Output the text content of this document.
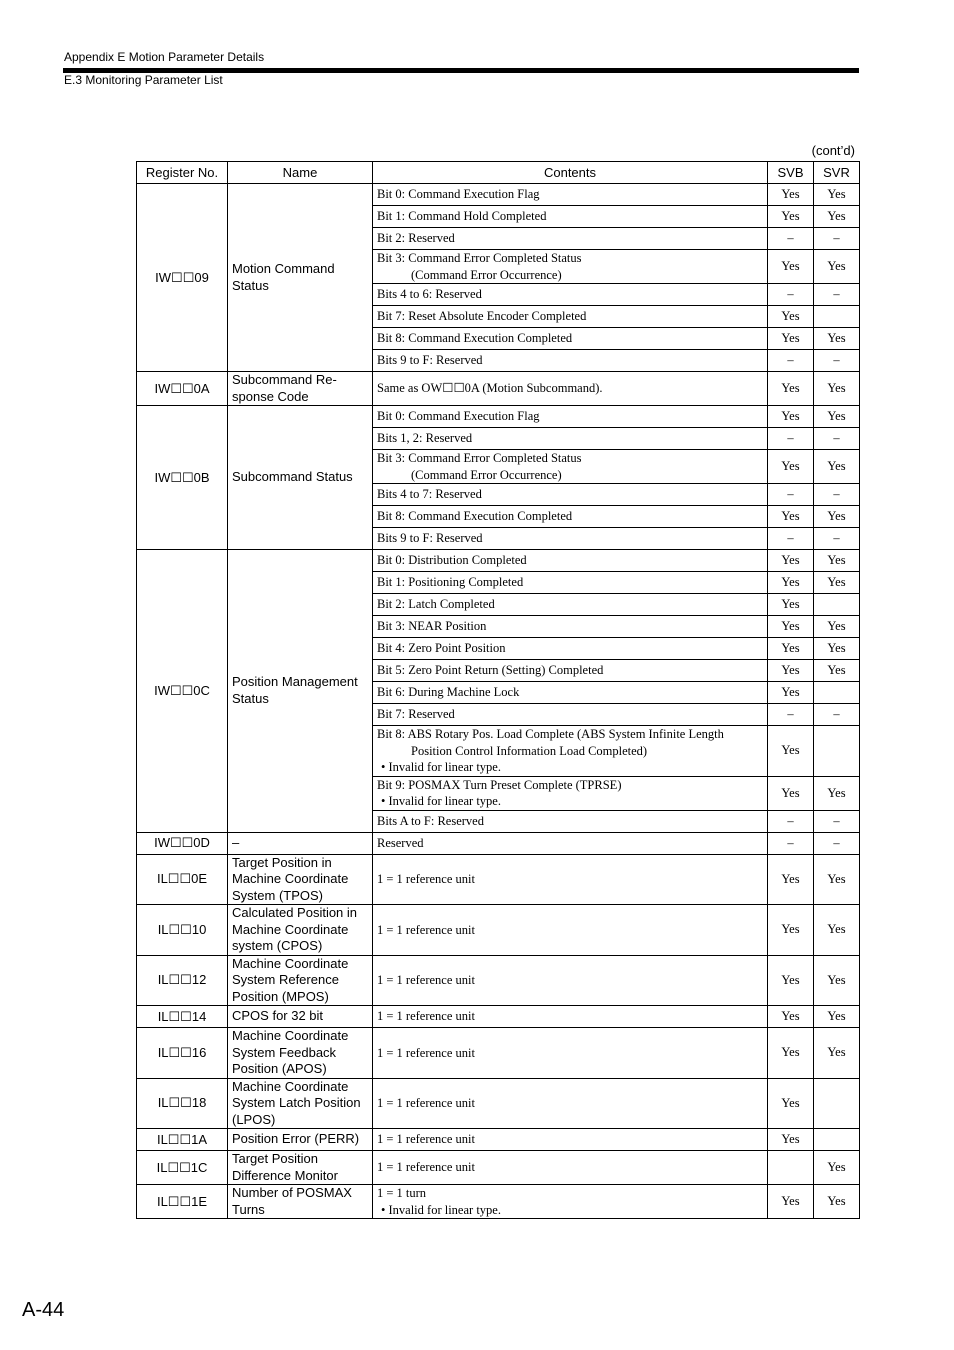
Appendix E Motion Parameter Details
E.3 Monitoring Parameter List
(cont’d)
Register No.	Name	Contents	SVB	SVR
IW☐☐09	Motion Command Status	Bit 0: Command Execution Flag	Yes	Yes
		Bit 1: Command Hold Completed	Yes	Yes
		Bit 2: Reserved	–	–
		Bit 3: Command Error Completed Status
(Command Error Occurrence)	Yes	Yes
		Bits 4 to 6: Reserved	–	–
		Bit 7: Reset Absolute Encoder Completed	Yes	
		Bit 8: Command Execution Completed	Yes	Yes
		Bits 9 to F: Reserved	–	–
IW☐☐0A	Subcommand Re-sponse Code	Same as OW☐☐0A (Motion Subcommand).	Yes	Yes
IW☐☐0B	Subcommand Status	Bit 0: Command Execution Flag	Yes	Yes
		Bits 1, 2: Reserved	–	–
		Bit 3: Command Error Completed Status
(Command Error Occurrence)	Yes	Yes
		Bits 4 to 7: Reserved	–	–
		Bit 8: Command Execution Completed	Yes	Yes
		Bits 9 to F: Reserved	–	–
IW☐☐0C	Position Management Status	Bit 0: Distribution Completed	Yes	Yes
		Bit 1: Positioning Completed	Yes	Yes
		Bit 2: Latch Completed	Yes	
		Bit 3: NEAR Position	Yes	Yes
		Bit 4: Zero Point Position	Yes	Yes
		Bit 5: Zero Point Return (Setting) Completed	Yes	Yes
		Bit 6: During Machine Lock	Yes	
		Bit 7: Reserved	–	–
		Bit 8: ABS Rotary Pos. Load Complete (ABS System Infinite Length
Position Control Information Load Completed)
• Invalid for linear type.	Yes	
		Bit 9: POSMAX Turn Preset Complete (TPRSE)
• Invalid for linear type.	Yes	Yes
		Bits A to F: Reserved	–	–
IW☐☐0D	–	Reserved	–	–
IL☐☐0E	Target Position in Machine Coordinate System (TPOS)	1 = 1 reference unit	Yes	Yes
IL☐☐10	Calculated Position in Machine Coordinate system (CPOS)	1 = 1 reference unit	Yes	Yes
IL☐☐12	Machine Coordinate System Reference Position (MPOS)	1 = 1 reference unit	Yes	Yes
IL☐☐14	CPOS for 32 bit	1 = 1 reference unit	Yes	Yes
IL☐☐16	Machine Coordinate System Feedback Position (APOS)	1 = 1 reference unit	Yes	Yes
IL☐☐18	Machine Coordinate System Latch Position (LPOS)	1 = 1 reference unit	Yes	
IL☐☐1A	Position Error (PERR)	1 = 1 reference unit	Yes	
IL☐☐1C	Target Position Difference Monitor	1 = 1 reference unit		Yes
IL☐☐1E	Number of POSMAX Turns	1 = 1 turn
• Invalid for linear type.	Yes	Yes
A-44
